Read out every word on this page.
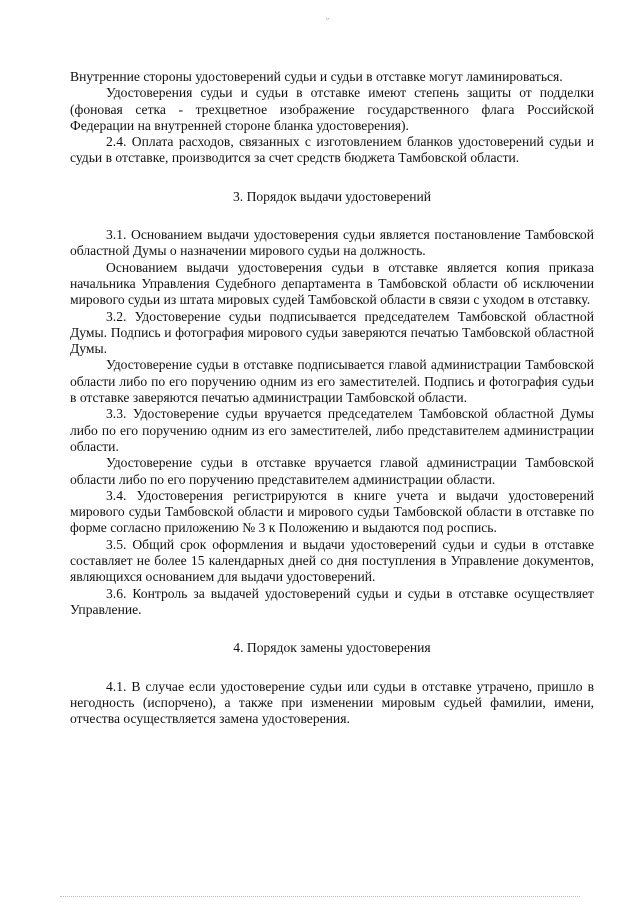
ᵕ

Внутренние стороны удостоверений судьи и судьи в отставке могут ламинироваться.

Удостоверения судьи и судьи в отставке имеют степень защиты от подделки (фоновая сетка - трехцветное изображение государственного флага Российской Федерации на внутренней стороне бланка удостоверения).

2.4. Оплата расходов, связанных с изготовлением бланков удостоверений судьи и судьи в отставке, производится за счет средств бюджета Тамбовской области.

3. Порядок выдачи удостоверений

3.1. Основанием выдачи удостоверения судьи является постановление Тамбовской областной Думы о назначении мирового судьи на должность.

Основанием выдачи удостоверения судьи в отставке является копия приказа начальника Управления Судебного департамента в Тамбовской области об исключении мирового судьи из штата мировых судей Тамбовской области в связи с уходом в отставку.

3.2. Удостоверение судьи подписывается председателем Тамбовской областной Думы. Подпись и фотография мирового судьи заверяются печатью Тамбовской областной Думы.

Удостоверение судьи в отставке подписывается главой администрации Тамбовской области либо по его поручению одним из его заместителей. Подпись и фотография судьи в отставке заверяются печатью администрации Тамбовской области.

3.3. Удостоверение судьи вручается председателем Тамбовской областной Думы либо по его поручению одним из его заместителей, либо представителем администрации области.

Удостоверение судьи в отставке вручается главой администрации Тамбовской области либо по его поручению представителем администрации области.

3.4. Удостоверения регистрируются в книге учета и выдачи удостоверений мирового судьи Тамбовской области и мирового судьи Тамбовской области в отставке по форме согласно приложению № 3 к Положению и выдаются под роспись.

3.5. Общий срок оформления и выдачи удостоверений судьи и судьи в отставке составляет не более 15 календарных дней со дня поступления в Управление документов, являющихся основанием для выдачи удостоверений.

3.6. Контроль за выдачей удостоверений судьи и судьи в отставке осуществляет Управление.

4. Порядок замены удостоверения

4.1. В случае если удостоверение судьи или судьи в отставке утрачено, пришло в негодность (испорчено), а также при изменении мировым судьей фамилии, имени, отчества осуществляется замена удостоверения.
